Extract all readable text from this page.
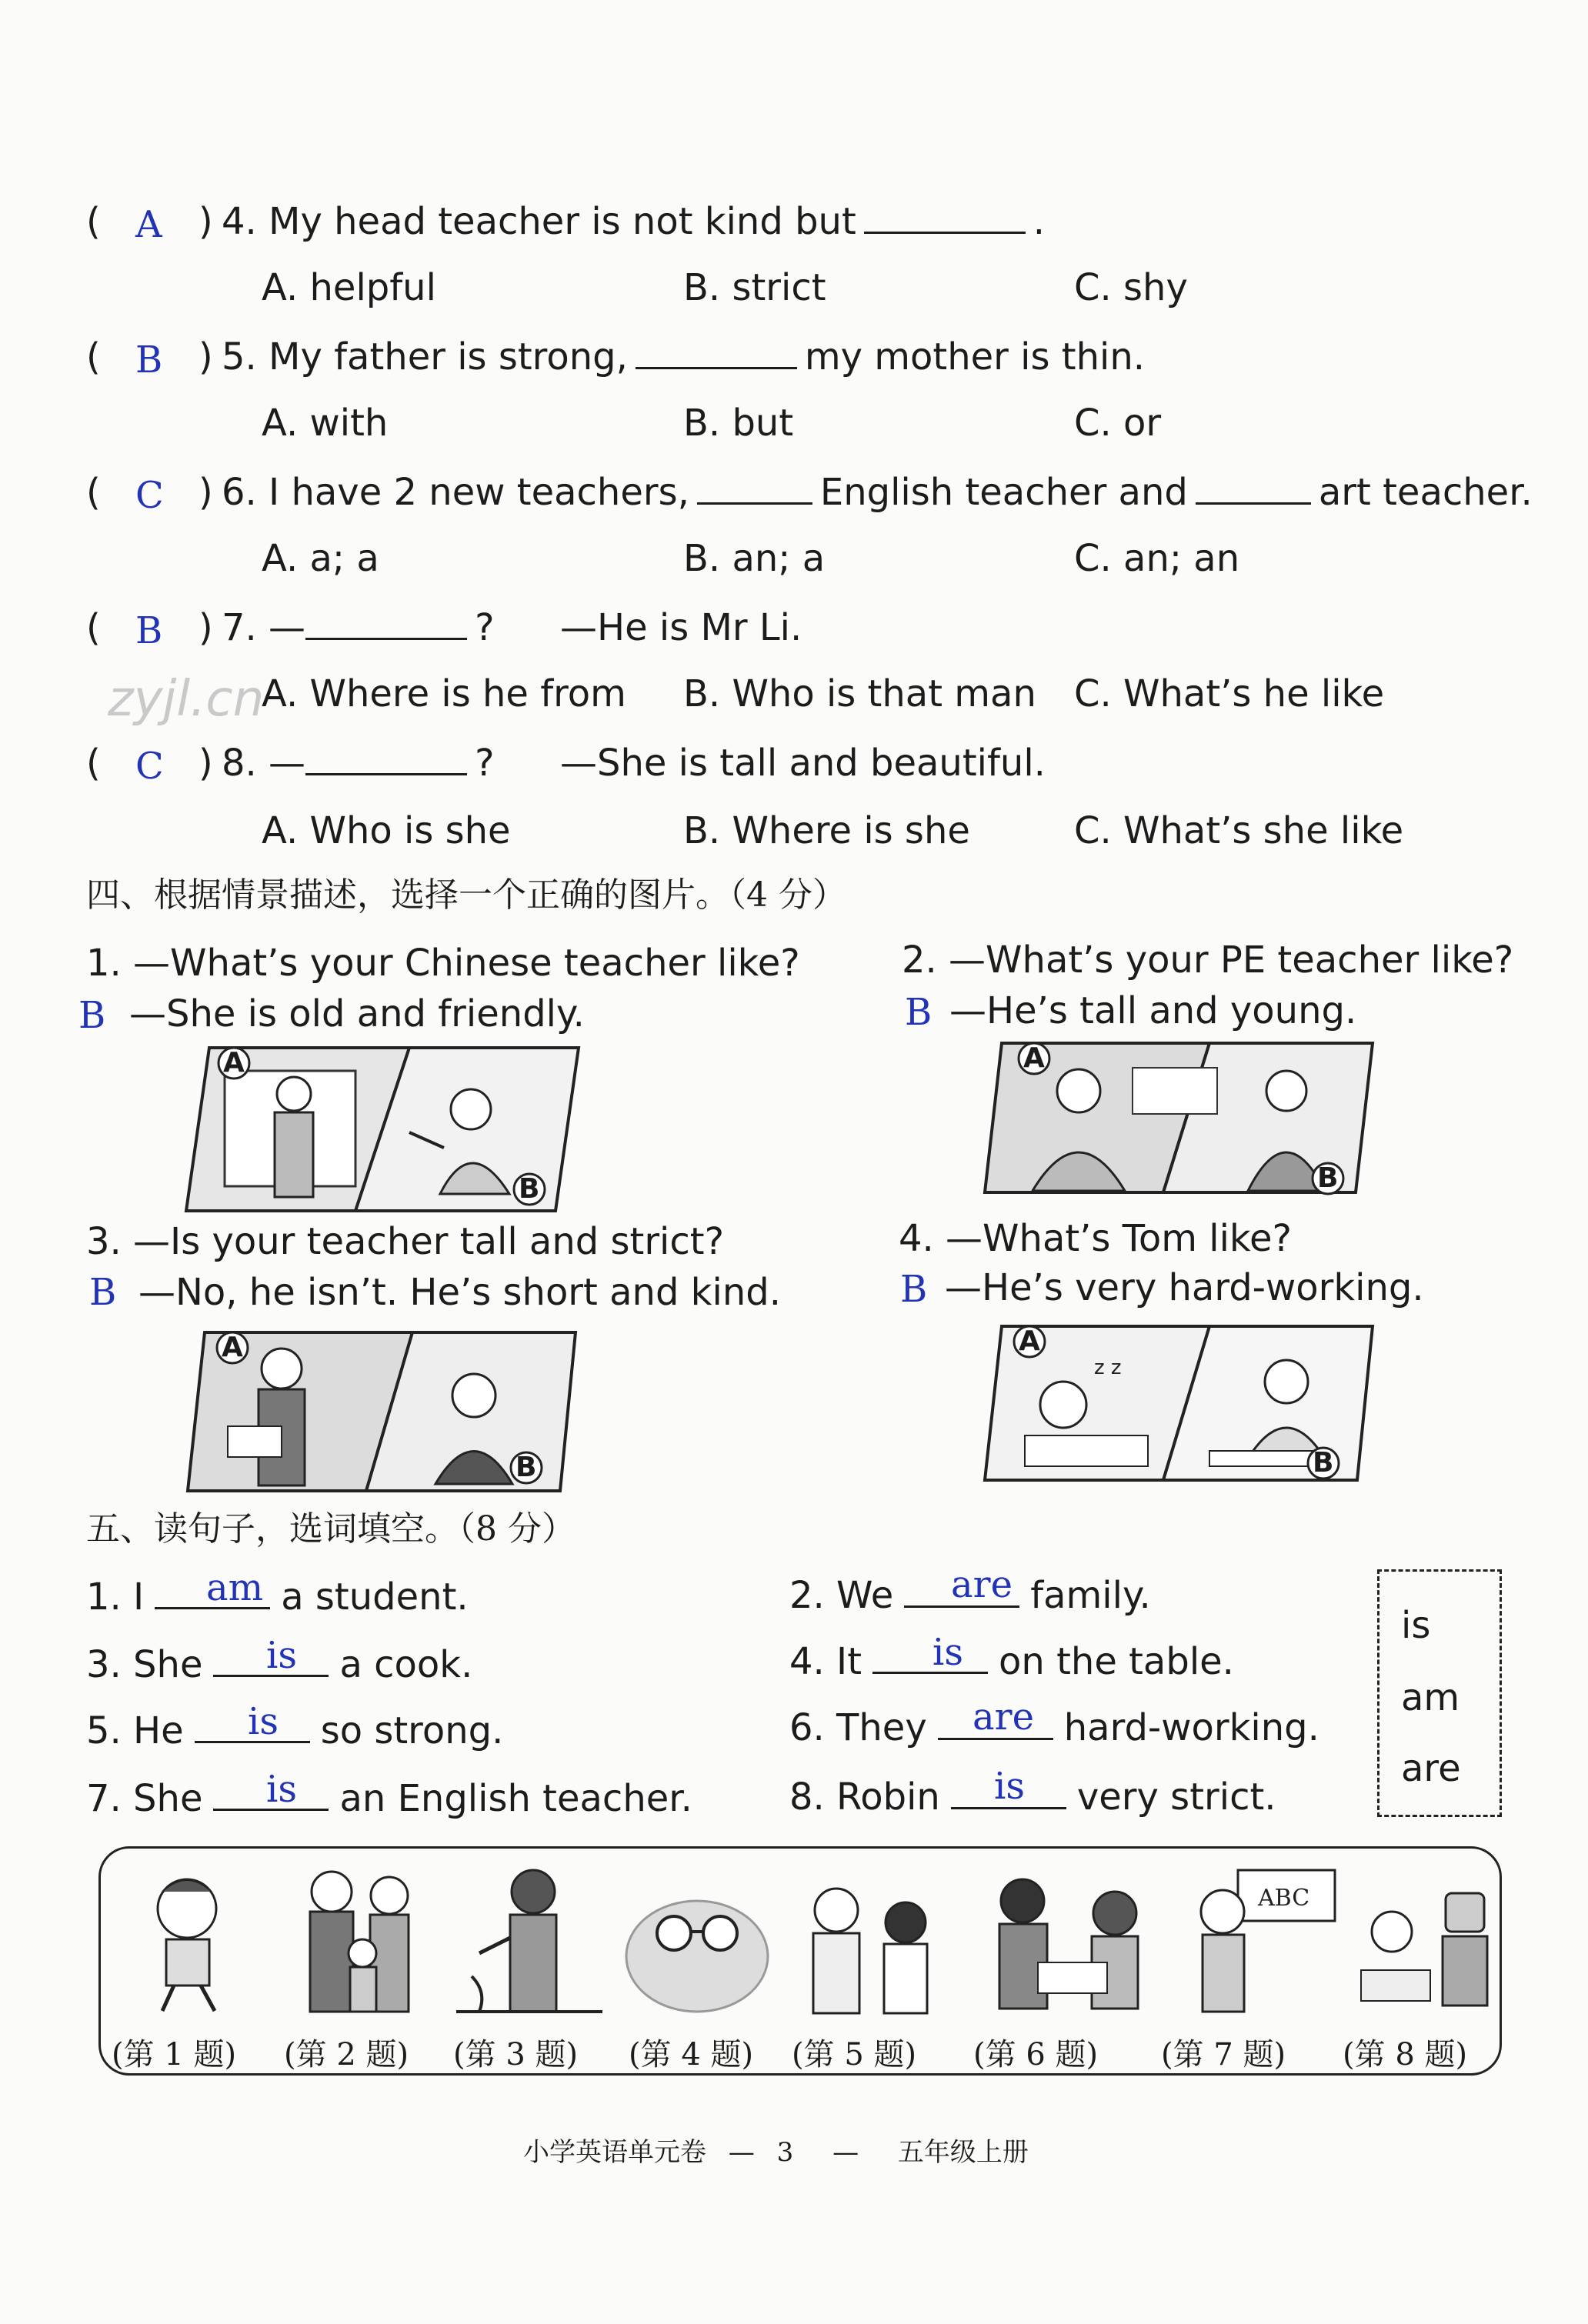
( A ) 4. My head teacher is not kind but	.
A. helpful	B. strict	C. shy
( B ) 5. My father is strong,	my mother is thin.
A. with	B. but	C. or
( C ) 6. I have 2 new teachers,	English teacher and	art teacher.
A. a; a	B. an; a	C. an; an
( B ) 7. —	? —He is Mr Li.
zyjl.cn
A. Where is he from B. Who is that man C. What’s he like
( C ) 8. —	? —She is tall and beautiful.
A. Who is she	B. Where is she	C. What’s she like
四、根据情景描述，选择一个正确的图片。（4 分）
1. —What’s your Chinese teacher like?
B —She is old and friendly.
A
B
2. —What’s your PE teacher like?
B —He’s tall and young.
A
B
3. —Is your teacher tall and strict?
B —No, he isn’t. He’s short and kind.
A
B
4. —What’s Tom like?
B —He’s very hard-working.
z z
A
B
五、读句子，选词填空。（8 分）
1. I	a student.
am
3. She	a cook.
is
5. He	so strong.
is
7. She	an English teacher.
is
2. We	family.
are
4. It	on the table.
is
6. They	hard-working.
are
8. Robin	very strict.
is
is
am
are
ABC
(第 1 题) (第 2 题) (第 3 题) (第 4 题) (第 5 题) (第 6 题) (第 7 题) (第 8 题)
小学英语单元卷 — 3 — 五年级上册
